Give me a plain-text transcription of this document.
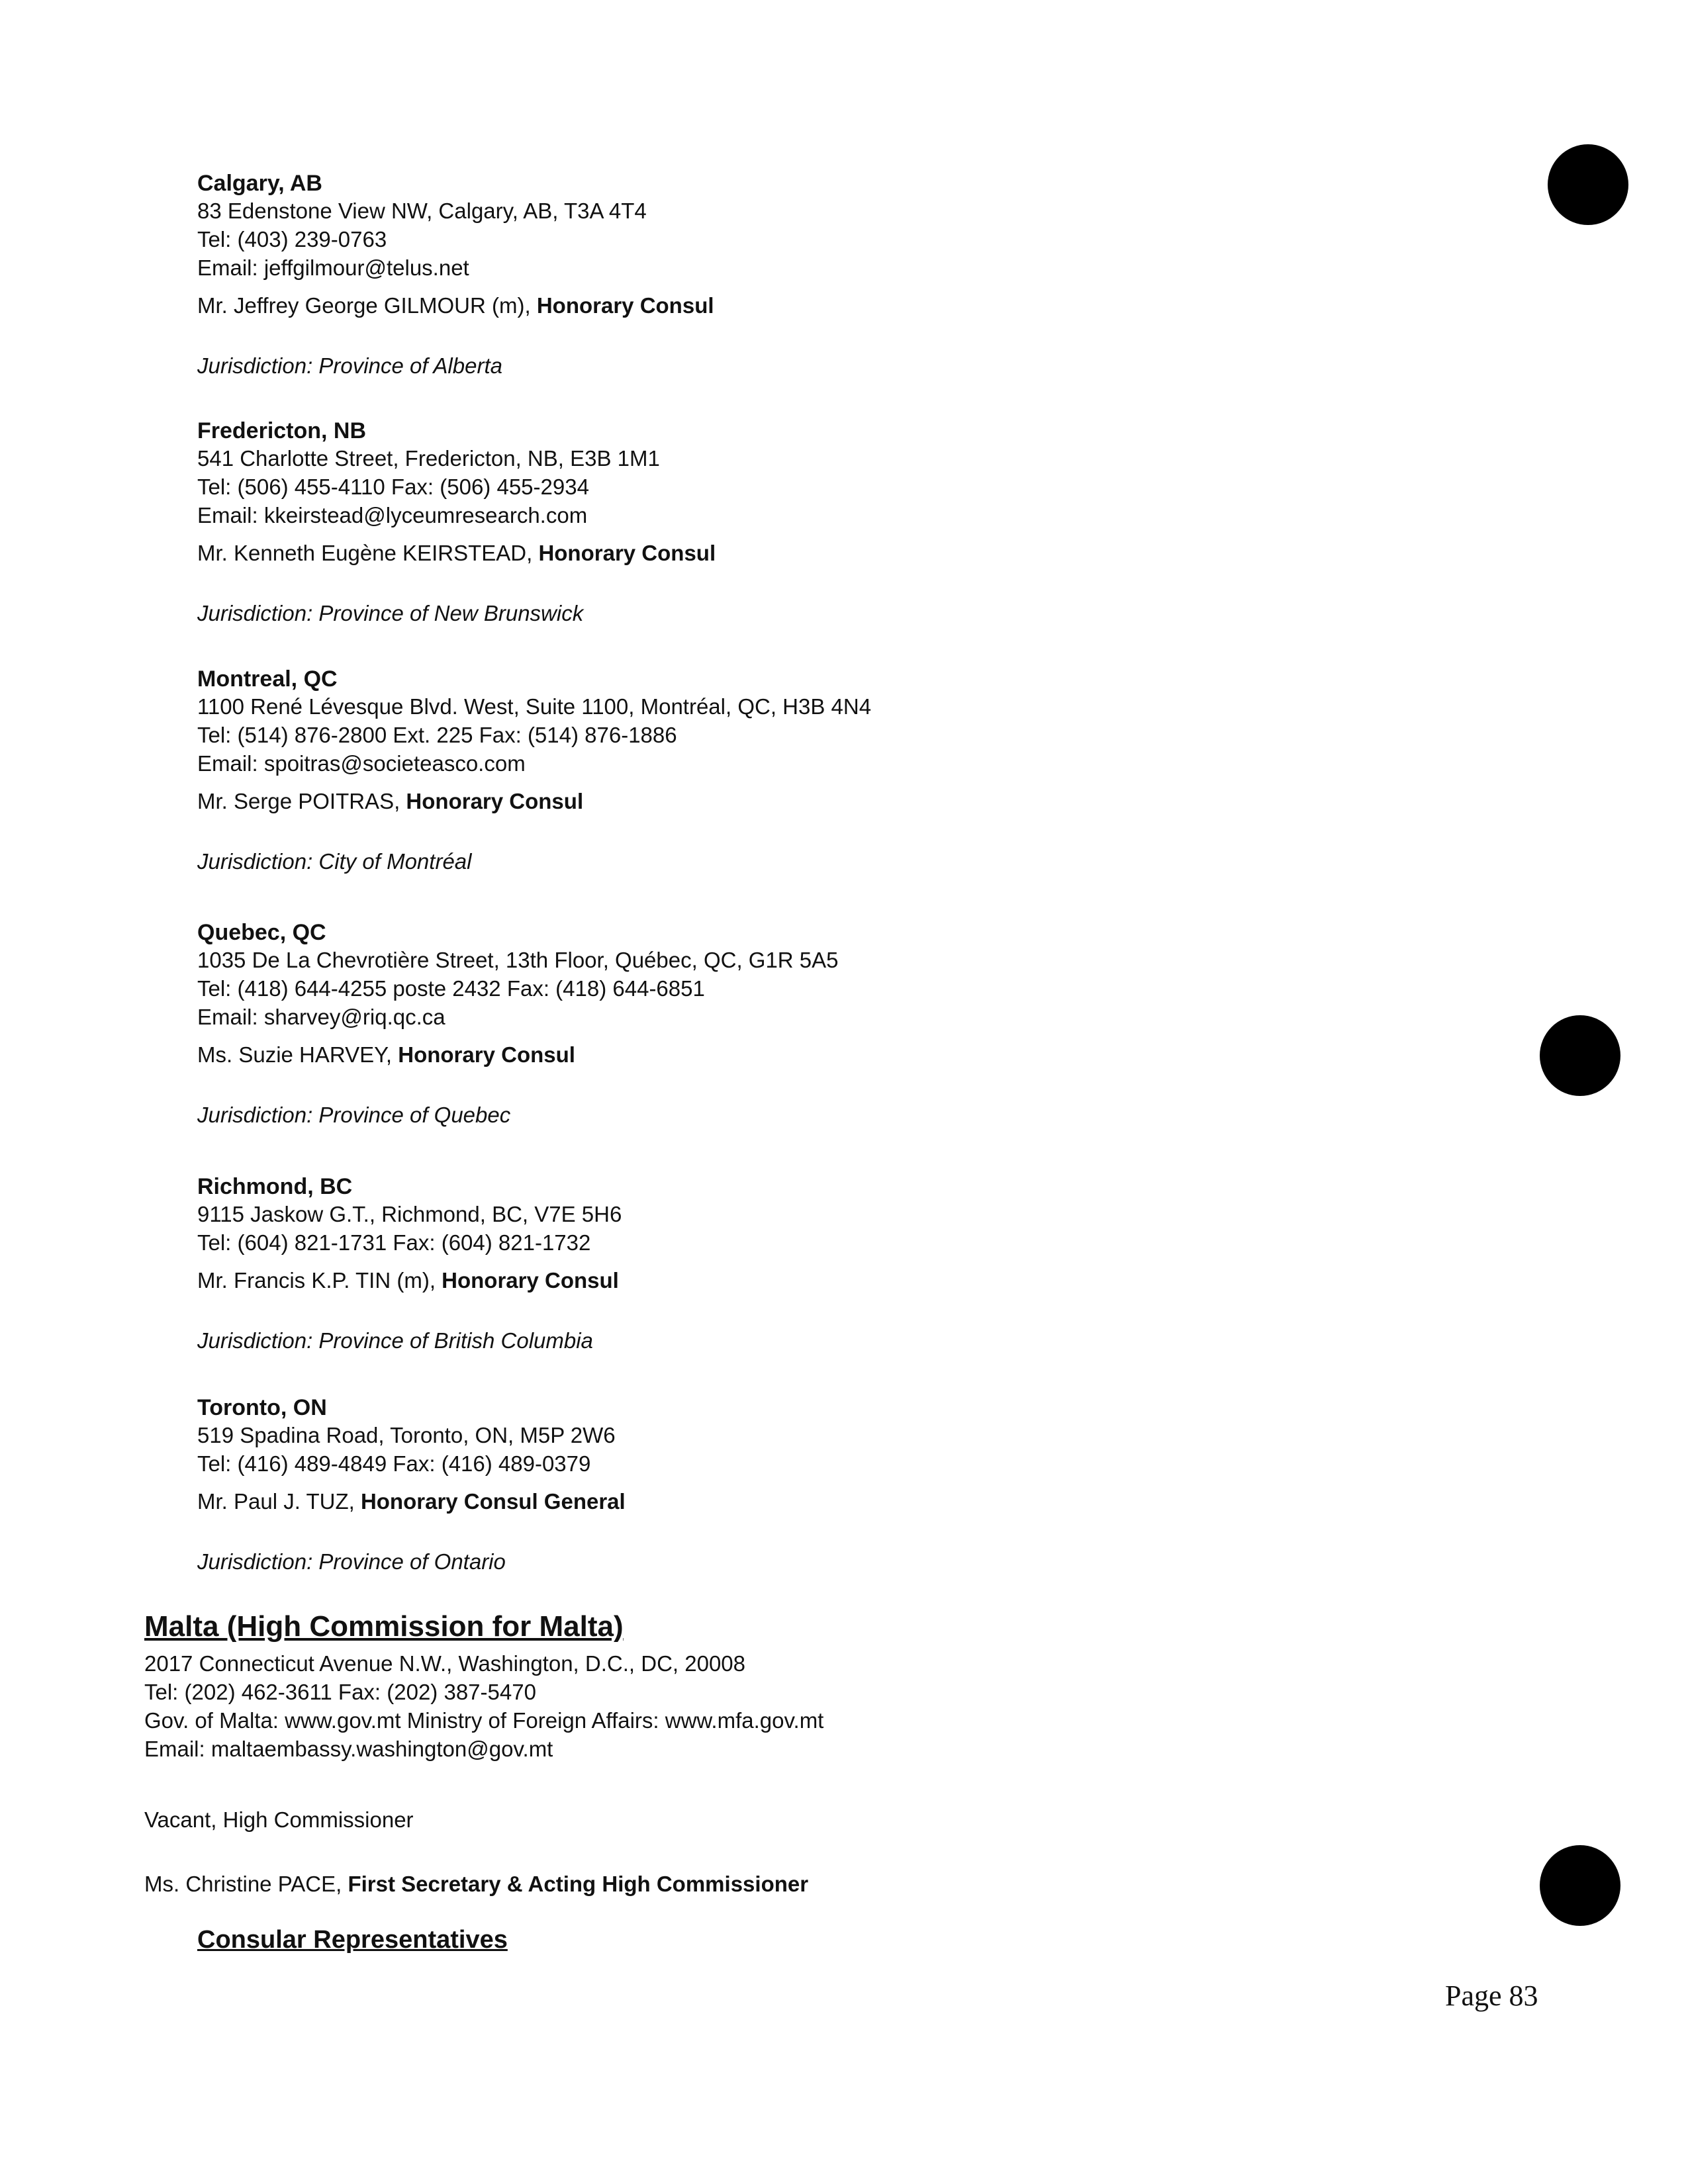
Calgary, AB
83 Edenstone View NW, Calgary, AB, T3A 4T4
Tel: (403) 239-0763
Email: jeffgilmour@telus.net
Mr. Jeffrey George GILMOUR (m), Honorary Consul
Jurisdiction: Province of Alberta
Fredericton, NB
541 Charlotte Street, Fredericton, NB, E3B 1M1
Tel: (506) 455-4110 Fax: (506) 455-2934
Email: kkeirstead@lyceumresearch.com
Mr. Kenneth Eugène KEIRSTEAD, Honorary Consul
Jurisdiction: Province of New Brunswick
Montreal, QC
1100 René Lévesque Blvd. West, Suite 1100, Montréal, QC, H3B 4N4
Tel: (514) 876-2800 Ext. 225 Fax: (514) 876-1886
Email: spoitras@societeasco.com
Mr. Serge POITRAS, Honorary Consul
Jurisdiction: City of Montréal
Quebec, QC
1035 De La Chevrotière Street, 13th Floor, Québec, QC, G1R 5A5
Tel: (418) 644-4255 poste 2432 Fax: (418) 644-6851
Email: sharvey@riq.qc.ca
Ms. Suzie HARVEY, Honorary Consul
Jurisdiction: Province of Quebec
Richmond, BC
9115 Jaskow G.T., Richmond, BC, V7E 5H6
Tel: (604) 821-1731 Fax: (604) 821-1732
Mr. Francis K.P. TIN (m), Honorary Consul
Jurisdiction: Province of British Columbia
Toronto, ON
519 Spadina Road, Toronto, ON, M5P 2W6
Tel: (416) 489-4849 Fax: (416) 489-0379
Mr. Paul J. TUZ, Honorary Consul General
Jurisdiction: Province of Ontario
Malta (High Commission for Malta)
2017 Connecticut Avenue N.W., Washington, D.C., DC, 20008
Tel: (202) 462-3611 Fax: (202) 387-5470
Gov. of Malta: www.gov.mt Ministry of Foreign Affairs: www.mfa.gov.mt
Email: maltaembassy.washington@gov.mt
Vacant, High Commissioner
Ms. Christine PACE, First Secretary & Acting High Commissioner
Consular Representatives
Page 83
